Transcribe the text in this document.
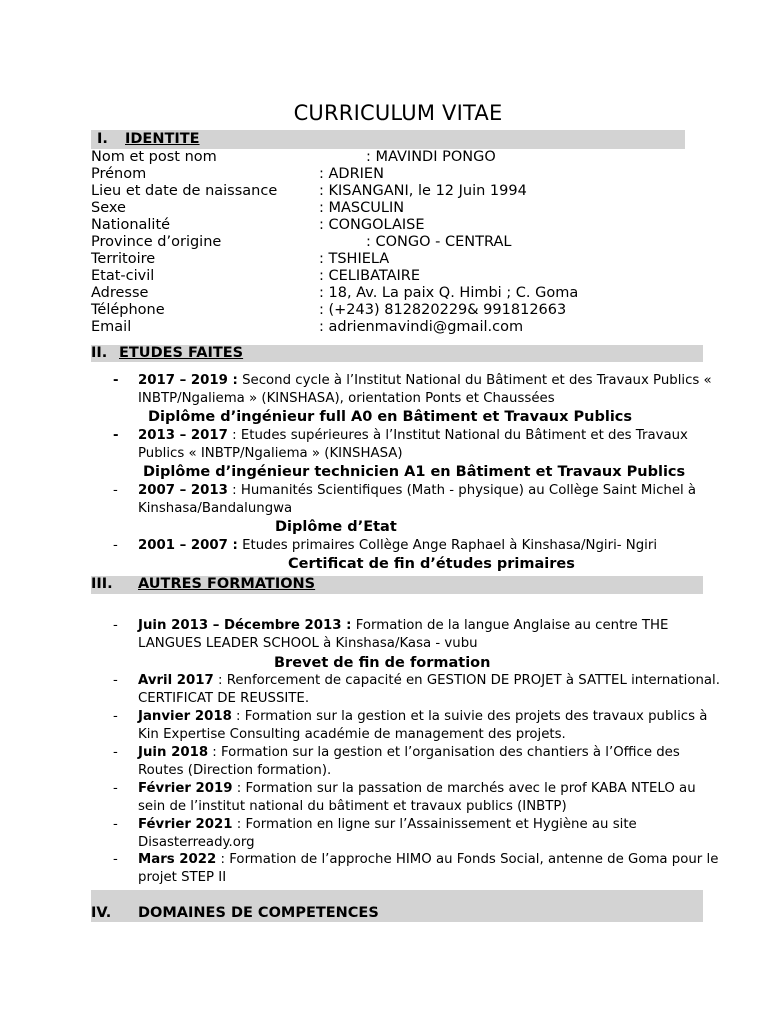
CURRICULUM VITAE
I. IDENTITE
Nom et post nom	: MAVINDI PONGO
Prénom	: ADRIEN
Lieu et date de naissance	: KISANGANI, le 12 Juin 1994
Sexe	: MASCULIN
Nationalité	: CONGOLAISE
Province d’origine	: CONGO - CENTRAL
Territoire	: TSHIELA
Etat-civil	: CELIBATAIRE
Adresse	: 18, Av. La paix Q. Himbi ; C. Goma
Téléphone	: (+243) 812820229& 991812663
Email	: adrienmavindi@gmail.com
II. ETUDES FAITES
- 2017 – 2019 : Second cycle à l’Institut National du Bâtiment et des Travaux Publics « INBTP/Ngaliema » (KINSHASA), orientation Ponts et Chaussées
Diplôme d’ingénieur full A0 en Bâtiment et Travaux Publics
- 2013 – 2017 : Etudes supérieures à l’Institut National du Bâtiment et des Travaux Publics « INBTP/Ngaliema » (KINSHASA)
Diplôme d’ingénieur technicien A1 en Bâtiment et Travaux Publics
- 2007 – 2013 : Humanités Scientifiques (Math - physique) au Collège Saint Michel à Kinshasa/Bandalungwa
Diplôme d’Etat
- 2001 – 2007 : Etudes primaires Collège Ange Raphael à Kinshasa/Ngiri- Ngiri
Certificat de fin d’études primaires
III. AUTRES FORMATIONS
- Juin 2013 – Décembre 2013 : Formation de la langue Anglaise au centre THE LANGUES LEADER SCHOOL à Kinshasa/Kasa - vubu
Brevet de fin de formation
- Avril 2017 : Renforcement de capacité en GESTION DE PROJET à SATTEL international. CERTIFICAT DE REUSSITE.
- Janvier 2018 : Formation sur la gestion et la suivie des projets des travaux publics à Kin Expertise Consulting académie de management des projets.
- Juin 2018 : Formation sur la gestion et l’organisation des chantiers à l’Office des Routes (Direction formation).
- Février 2019 : Formation sur la passation de marchés avec le prof KABA NTELO au sein de l’institut national du bâtiment et travaux publics (INBTP)
- Février 2021 : Formation en ligne sur l’Assainissement et Hygiène au site Disasterready.org
- Mars 2022 : Formation de l’approche HIMO au Fonds Social, antenne de Goma pour le projet STEP II
IV. DOMAINES DE COMPETENCES
